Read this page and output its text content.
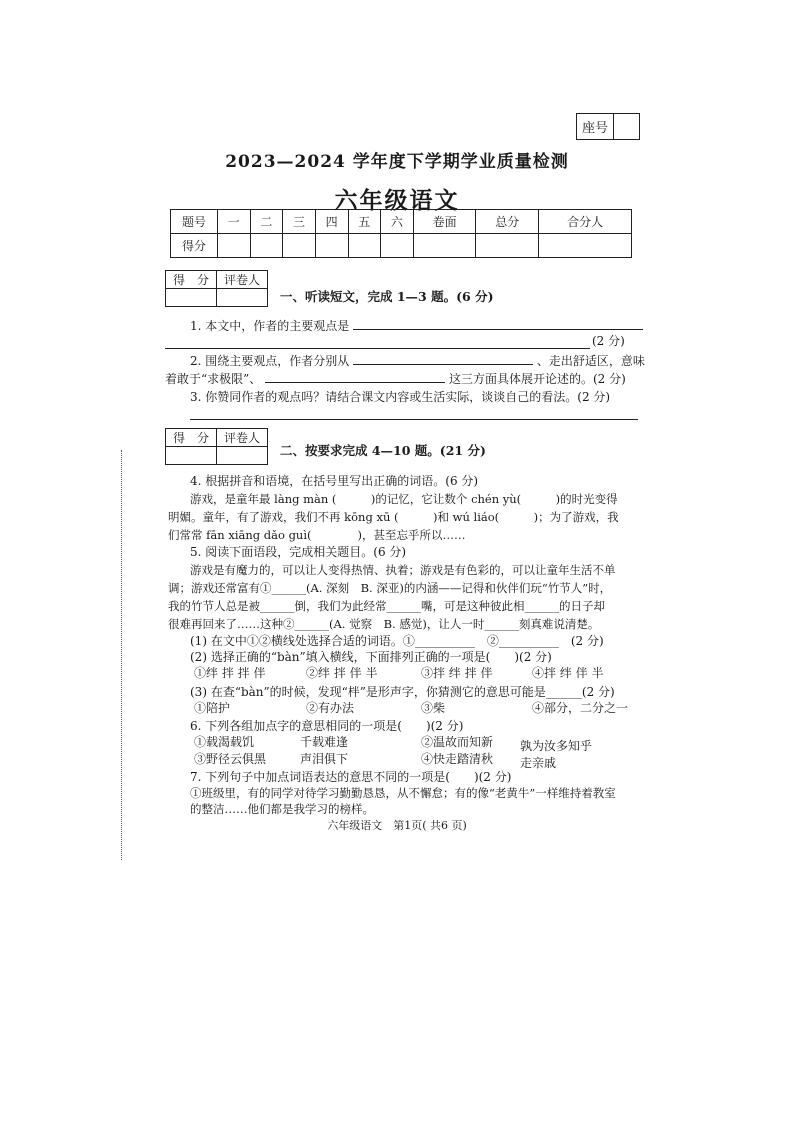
座号
2023—2024 学年度下学期学业质量检测
六年级语文
题号	一	二	三	四	五	六	卷面	总分	合分人
得分									
得　分	评卷人

一、听读短文，完成 1—3 题。(6 分)
1. 本文中，作者的主要观点是
(2 分)
2. 围绕主要观点，作者分别从	、走出舒适区，意味
着敢于“求极限”、	这三方面具体展开论述的。(2 分)
3. 你赞同作者的观点吗？请结合课文内容或生活实际，谈谈自己的看法。(2 分)
得　分	评卷人

二、按要求完成 4—10 题。(21 分)
4. 根据拼音和语境，在括号里写出正确的词语。(6 分)
游戏，是童年最 làng màn (　　　)的记忆，它让数个 chén yù(　　　)的时光变得
明媚。童年，有了游戏，我们不再 kōng xū (　　　)和 wú liáo(　　　)；为了游戏，我
们常常 fān xiāng dǎo guì(　　　　)，甚至忘乎所以……
5. 阅读下面语段，完成相关题目。(6 分)
游戏是有魔力的，可以让人变得热情、执着；游戏是有色彩的，可以让童年生活不单
调；游戏还常富有①______(A. 深刻　B. 深亚)的内涵——记得和伙伴们玩“竹节人”时，
我的竹节人总是被______倒，我们为此经常______嘴，可是这种彼此相______的日子却
很难再回来了……这种②______(A. 觉察　B. 感觉)，让人一时______刻真难说清楚。
(1) 在文中①②横线处选择合适的词语。①__________　②__________　(2 分)
(2) 选择正确的“bàn”填入横线，下面排列正确的一项是(　　)(2 分)
①绊 拌 拌 伴	②绊 拌 伴 半	③拌 绊 拌 伴	④拌 绊 伴 半
(3) 在查“bàn”的时候，发现“柈”是形声字，你猜测它的意思可能是______(2 分)
①陪护	②有办法	③柴	④部分，二分之一
6. 下列各组加点字的意思相同的一项是(　　)(2 分)
①载渴载饥	千载难逢	②温故而知新 孰为汝多知乎
③野径云俱黑	声泪俱下	④快走踏清秋 走亲戚
7. 下列句子中加点词语表达的意思不同的一项是(　　)(2 分)
①班级里，有的同学对待学习勤勤恳恳，从不懈怠；有的像“老黄牛”一样维持着教室
的整洁……他们都是我学习的榜样。
六年级语文　第1页( 共6 页)
